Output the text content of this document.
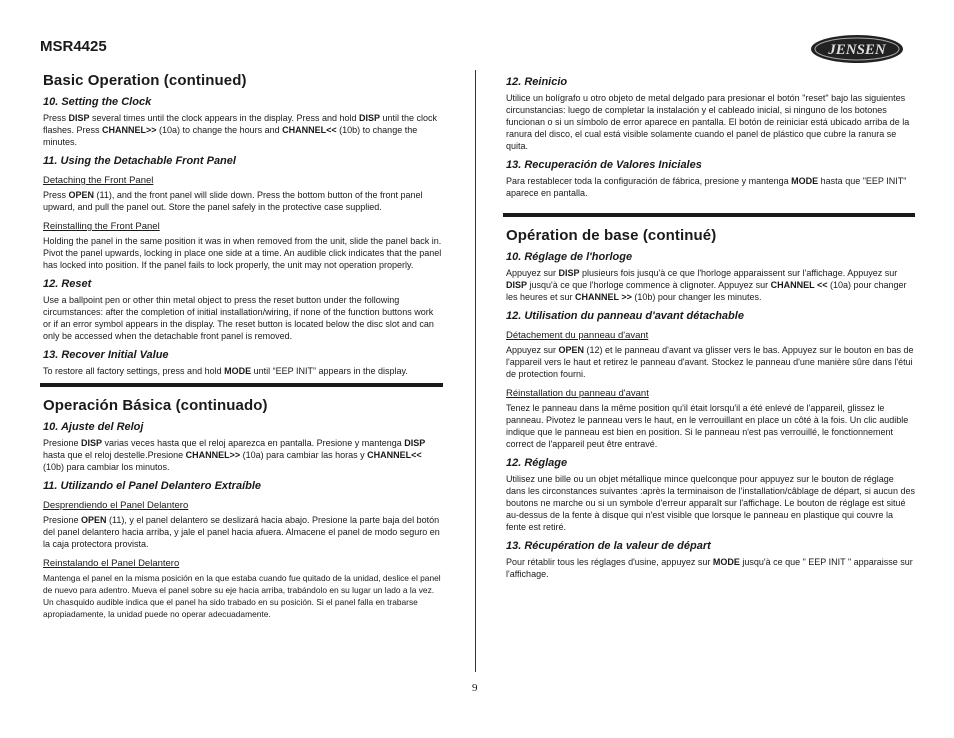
MSR4425	JENSEN
Basic Operation (continued)
10. Setting the Clock

Press DISP several times until the clock appears in the display. Press and hold DISP until the clock flashes. Press CHANNEL>> (10a) to change the hours and CHANNEL<< (10b) to change the minutes.

11. Using the Detachable Front Panel
Detaching the Front Panel

Press OPEN (11), and the front panel will slide down. Press the bottom button of the front panel upward, and pull the panel out. Store the panel safely in the protective case supplied.

Reinstalling the Front Panel

Holding the panel in the same position it was in when removed from the unit, slide the panel back in. Pivot the panel upwards, locking in place one side at a time. An audible click indicates that the panel has locked into position. If the panel fails to lock properly, the unit may not operation properly.

12. Reset

Use a ballpoint pen or other thin metal object to press the reset button under the following circumstances: after the completion of initial installation/wiring, if none of the function buttons work or if an error symbol appears in the display. The reset button is located below the disc slot and can only be accessed when the detachable front panel is removed.

13. Recover Initial Value

To restore all factory settings, press and hold MODE until “EEP INIT” appears in the display.

Operación Básica (continuado)
10. Ajuste del Reloj

Presione DISP varias veces hasta que el reloj aparezca en pantalla. Presione y mantenga DISP hasta que el reloj destelle.Presione CHANNEL>> (10a) para cambiar las horas y CHANNEL<< (10b) para cambiar los minutos.

11. Utilizando el Panel Delantero Extraíble
Desprendiendo el Panel Delantero

Presione OPEN (11), y el panel delantero se deslizará hacia abajo. Presione la parte baja del botón del panel delantero hacia arriba, y jale el panel hacia afuera. Almacene el panel de modo seguro en la caja protectora provista.

Reinstalando el Panel Delantero

Mantenga el panel en la misma posición en la que estaba cuando fue quitado de la unidad, deslice el panel de nuevo para adentro. Mueva el panel sobre su eje hacia arriba, trabándolo en su lugar un lado a la vez. Un chasquido audible indica que el panel ha sido trabado en su posición. Si el panel falla en trabarse apropiadamente, la unidad puede no operar adecuadamente.

12. Reinicio

Utilice un bolígrafo u otro objeto de metal delgado para presionar el botón "reset" bajo las siguientes circunstancias: luego de completar la instalación y el cableado inicial, si ninguno de los botones funcionan o si un símbolo de error aparece en pantalla. El botón de reiniciar está ubicado arriba de la ranura del disco, el cual está visible solamente cuando el panel de plástico que cubre la ranura se quita.

13. Recuperación de Valores Iniciales

Para restablecer toda la configuración de fábrica, presione y mantenga MODE hasta que "EEP INIT" aparece en pantalla.

Opération de base (continué)
10. Réglage de l'horloge

Appuyez sur DISP plusieurs fois jusqu'à ce que l'horloge apparaissent sur l'affichage. Appuyez sur DISP jusqu'à ce que l'horloge commence à clignoter. Appuyez sur CHANNEL << (10a) pour changer les heures et sur CHANNEL >> (10b) pour changer les minutes.

12. Utilisation du panneau d'avant détachable
Détachement du panneau d'avant

Appuyez sur OPEN (12) et le panneau d'avant va glisser vers le bas. Appuyez sur le bouton en bas de l'appareil vers le haut et retirez le panneau d'avant. Stockez le panneau d'une manière sûre dans l'étui de protection fourni.

Réinstallation du panneau d'avant

Tenez le panneau dans la même position qu'il était lorsqu'il a été enlevé de l'appareil, glissez le panneau. Pivotez le panneau vers le haut, en le verrouillant en place un côté à la fois. Un clic audible indique que le panneau est bien en position. Si le panneau n'est pas verrouillé, le fonctionnement correct de l'appareil peut être entravé.

12. Réglage

Utilisez une bille ou un objet métallique mince quelconque pour appuyez sur le bouton de réglage dans les circonstances suivantes :après la terminaison de l'installation/câblage de départ, si aucun des boutons ne marche ou si un symbole d'erreur apparaît sur l'affichage. Le bouton de réglage est situé au-dessus de la fente à disque qui n'est visible que lorsque le panneau en plastique qui couvre la fente est retiré.

13. Récupération de la valeur de départ

Pour rétablir tous les réglages d'usine, appuyez sur MODE jusqu'à ce que " EEP INIT " apparaisse sur l'affichage.

9
